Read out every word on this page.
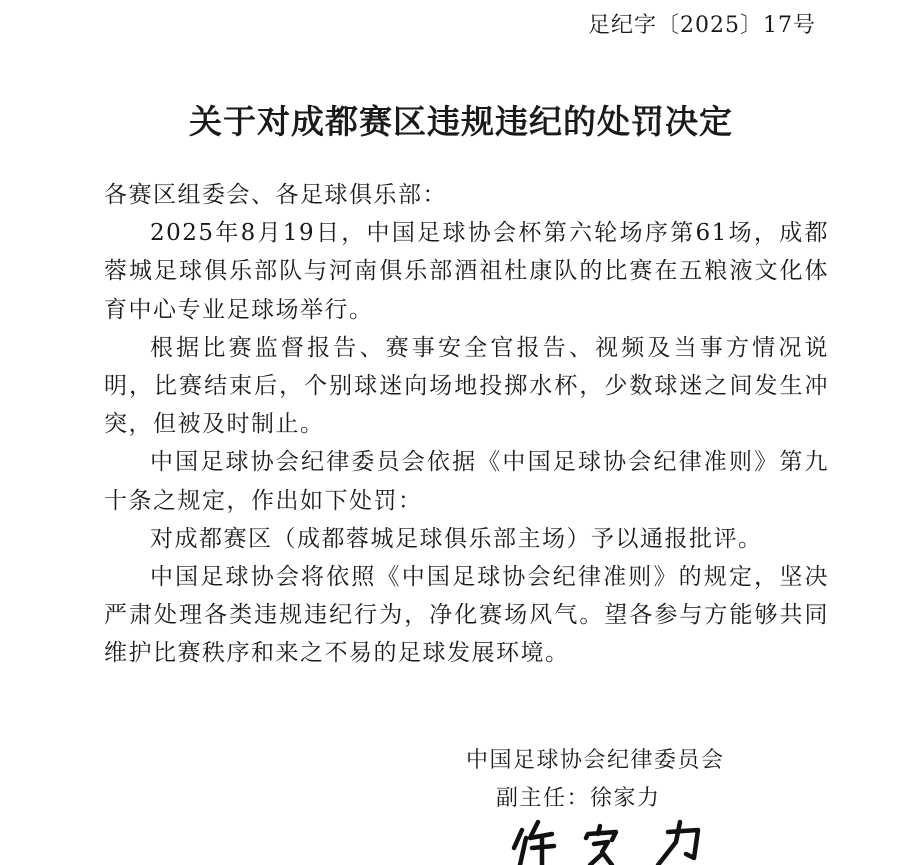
足纪字〔2025〕17号
关于对成都赛区违规违纪的处罚决定

各赛区组委会、各足球俱乐部：

2025年8月19日，中国足球协会杯第六轮场序第61场，成都蓉城足球俱乐部队与河南俱乐部酒祖杜康队的比赛在五粮液文化体育中心专业足球场举行。

根据比赛监督报告、赛事安全官报告、视频及当事方情况说明，比赛结束后，个别球迷向场地投掷水杯，少数球迷之间发生冲突，但被及时制止。

中国足球协会纪律委员会依据《中国足球协会纪律准则》第九十条之规定，作出如下处罚：

对成都赛区（成都蓉城足球俱乐部主场）予以通报批评。

中国足球协会将依照《中国足球协会纪律准则》的规定，坚决严肃处理各类违规违纪行为，净化赛场风气。望各参与方能够共同维护比赛秩序和来之不易的足球发展环境。

中国足球协会纪律委员会
副主任：徐家力
